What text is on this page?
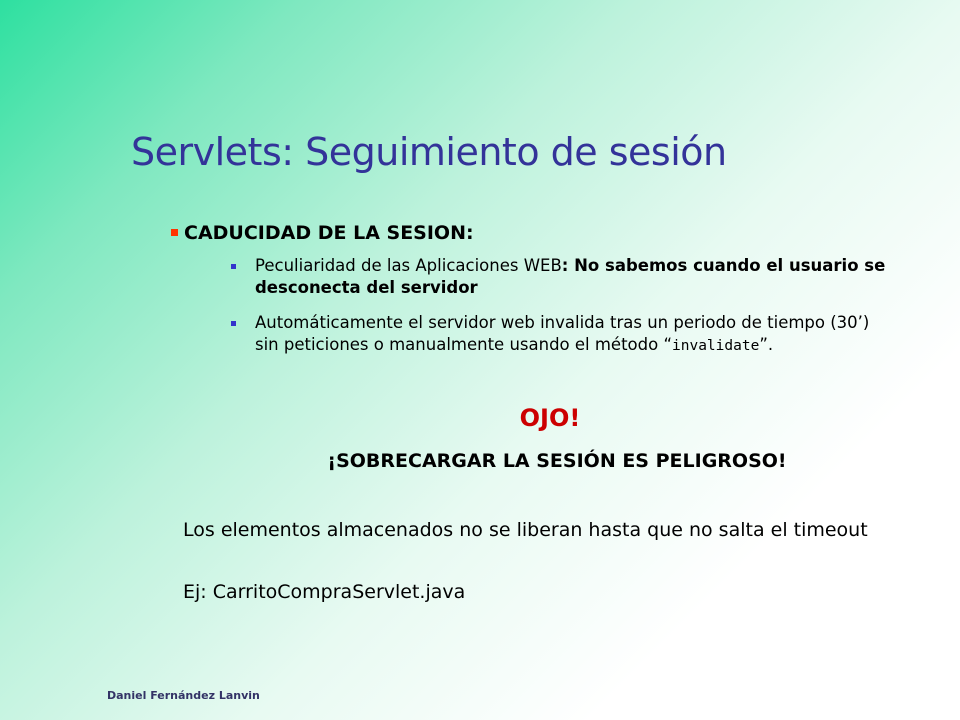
Servlets: Seguimiento de sesión
CADUCIDAD DE LA SESION:
Peculiaridad de las Aplicaciones WEB: No sabemos cuando el usuario se desconecta del servidor
Automáticamente el servidor web invalida tras un periodo de tiempo (30’) sin peticiones o manualmente usando el método “invalidate”.
OJO!
¡SOBRECARGAR LA SESIÓN ES PELIGROSO!
Los elementos almacenados no se liberan hasta que no salta el timeout
Ej: CarritoCompraServlet.java
Daniel Fernández Lanvin
